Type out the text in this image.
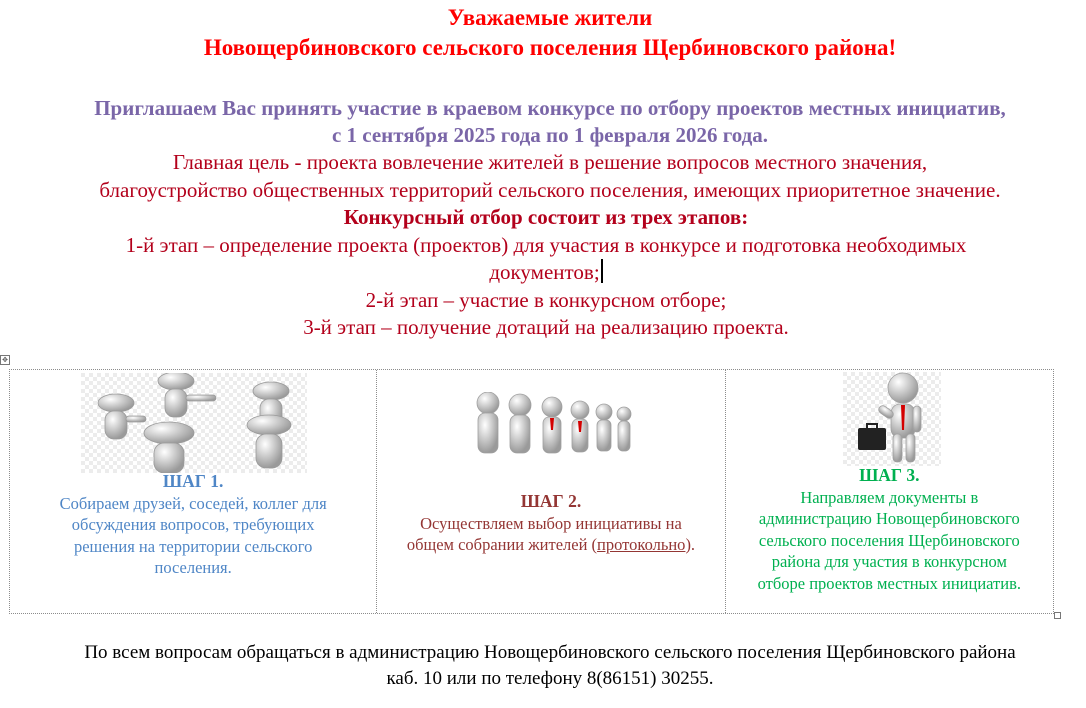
Уважаемые жители
Новощербиновского сельского поселения Щербиновского района!
Приглашаем Вас принять участие в краевом конкурсе по отбору проектов местных инициатив,
с 1 сентября 2025 года по 1 февраля 2026 года.
Главная цель - проекта вовлечение жителей в решение вопросов местного значения,
благоустройство общественных территорий сельского поселения, имеющих приоритетное значение.
Конкурсный отбор состоит из трех этапов:
1-й этап – определение проекта (проектов) для участия в конкурсе и подготовка необходимых
документов;
2-й этап – участие в конкурсном отборе;
3-й этап – получение дотаций на реализацию проекта.
✥
ШАГ 1.
Собираем друзей, соседей, коллег для
обсуждения вопросов, требующих
решения на территории сельского
поселения.
ШАГ 2.
Осуществляем выбор инициативы на
общем собрании жителей (протокольно).
ШАГ 3.
Направляем документы в
администрацию Новощербиновского
сельского поселения Щербиновского
района для участия в конкурсном
отборе проектов местных инициатив.
По всем вопросам обращаться в администрацию Новощербиновского сельского поселения Щербиновского района
каб. 10 или по телефону 8(86151) 30255.
